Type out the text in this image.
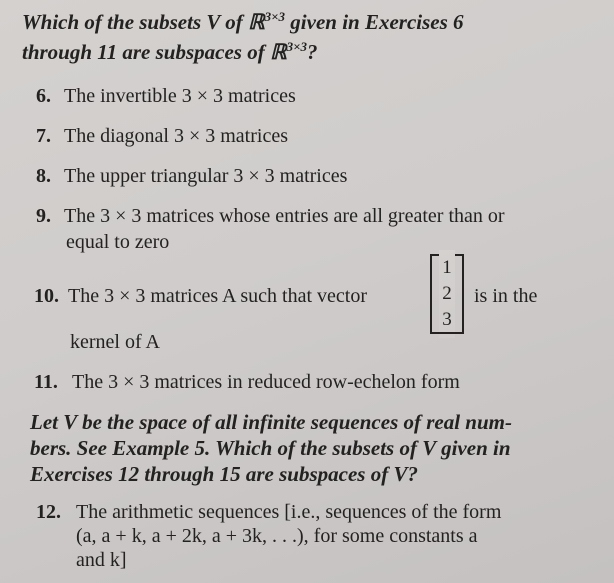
Which of the subsets V of ℝ$^{3\times 3}$ given in Exercises 6
through 11 are subspaces of ℝ$^{3\times 3}$?
6. The invertible 3 × 3 matrices
7. The diagonal 3 × 3 matrices
8. The upper triangular 3 × 3 matrices
9. The 3 × 3 matrices whose entries are all greater than or
equal to zero
10. The 3 × 3 matrices A such that vector
1
2
3
is in the
kernel of A
11. The 3 × 3 matrices in reduced row-echelon form
Let V be the space of all infinite sequences of real num-
bers. See Example 5. Which of the subsets of V given in
Exercises 12 through 15 are subspaces of V?
12. The arithmetic sequences [i.e., sequences of the form
(a, a + k, a + 2k, a + 3k, . . .), for some constants a
and k]
